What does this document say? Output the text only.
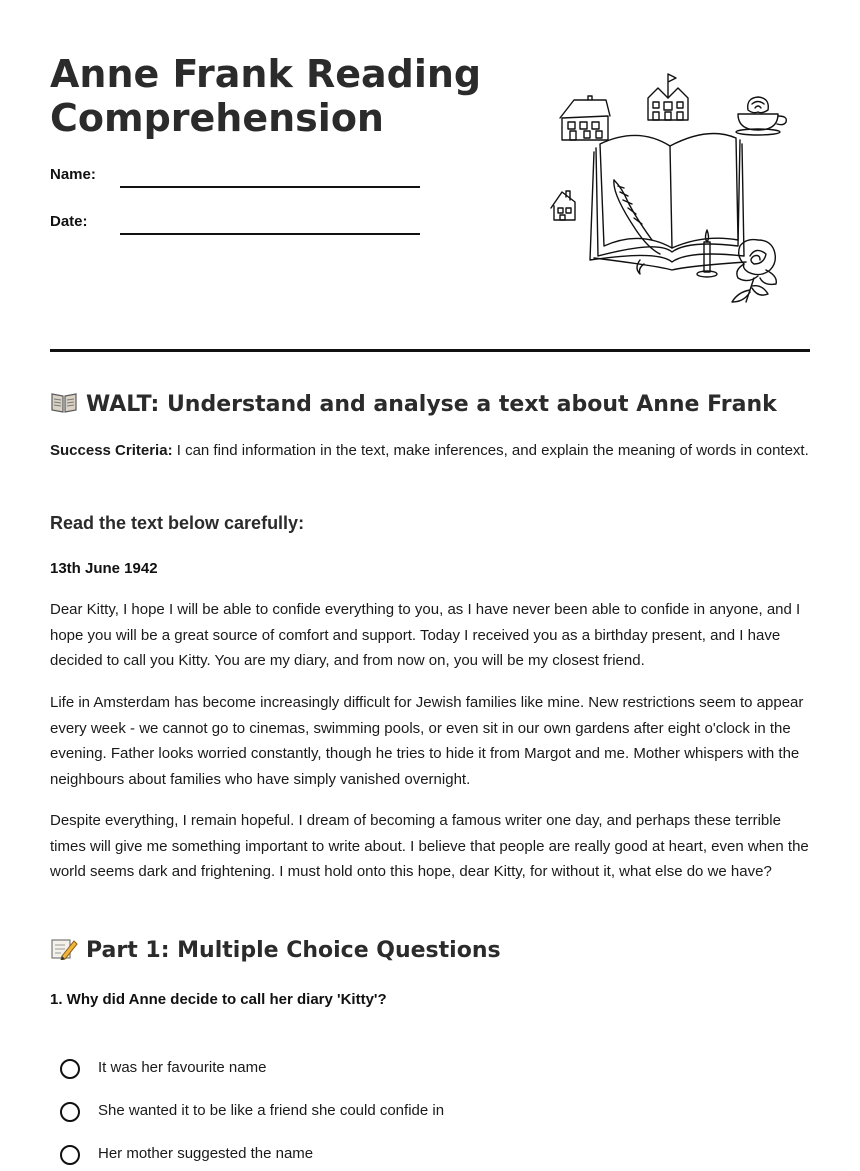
Anne Frank Reading Comprehension
Name:
Date:
WALT: Understand and analyse a text about Anne Frank

Success Criteria: I can find information in the text, make inferences, and explain the meaning of words in context.

Read the text below carefully:

13th June 1942

Dear Kitty, I hope I will be able to confide everything to you, as I have never been able to confide in anyone, and I hope you will be a great source of comfort and support. Today I received you as a birthday present, and I have decided to call you Kitty. You are my diary, and from now on, you will be my closest friend.

Life in Amsterdam has become increasingly difficult for Jewish families like mine. New restrictions seem to appear every week - we cannot go to cinemas, swimming pools, or even sit in our own gardens after eight o'clock in the evening. Father looks worried constantly, though he tries to hide it from Margot and me. Mother whispers with the neighbours about families who have simply vanished overnight.

Despite everything, I remain hopeful. I dream of becoming a famous writer one day, and perhaps these terrible times will give me something important to write about. I believe that people are really good at heart, even when the world seems dark and frightening. I must hold onto this hope, dear Kitty, for without it, what else do we have?

Part 1: Multiple Choice Questions

1. Why did Anne decide to call her diary 'Kitty'?

It was her favourite name
She wanted it to be like a friend she could confide in
Her mother suggested the name
